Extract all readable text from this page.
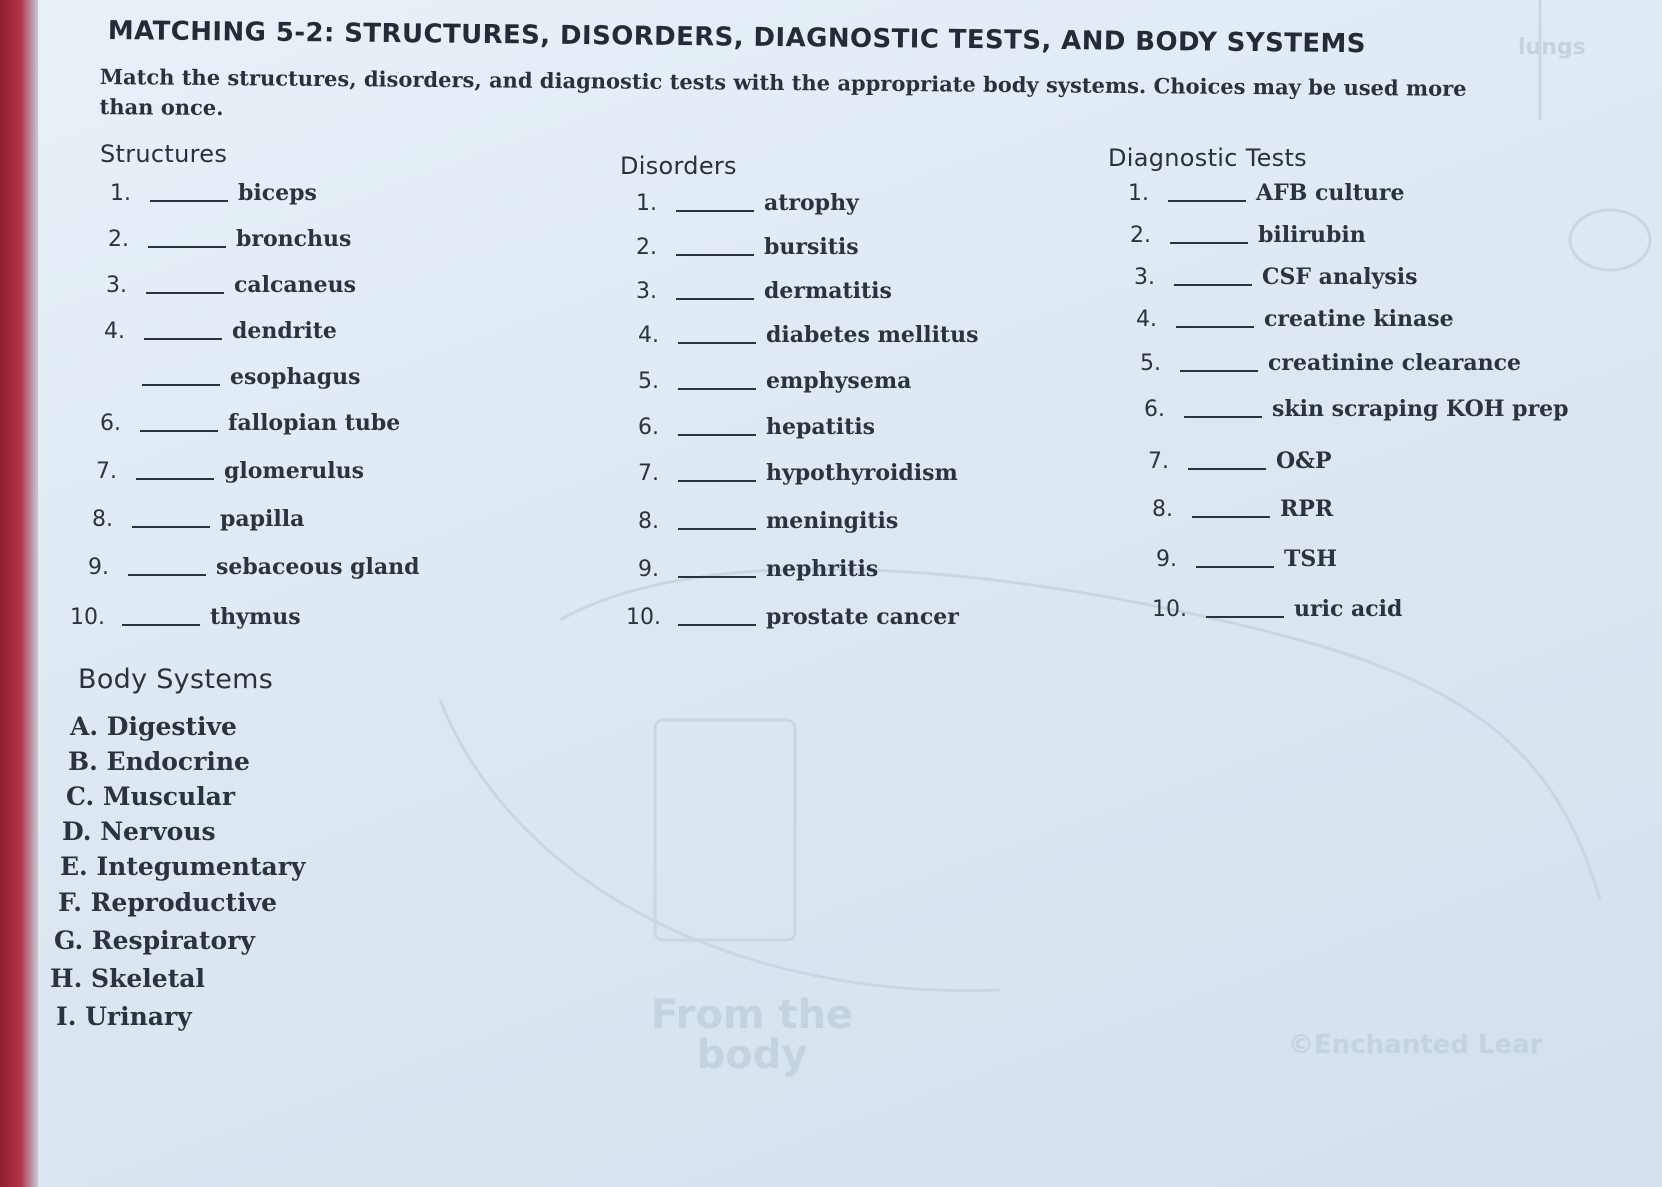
From the body	©Enchanted Lear
lungs
MATCHING 5-2: STRUCTURES, DISORDERS, DIAGNOSTIC TESTS, AND BODY SYSTEMS

Match the structures, disorders, and diagnostic tests with the appropriate body systems. Choices may be used more than once.

Structures	Disorders	Diagnostic Tests
1.	biceps
2.	bronchus
3.	calcaneus
4.	dendrite
esophagus
6.	fallopian tube
7.	glomerulus
8.	papilla
9.	sebaceous gland
10.	thymus
1.	atrophy
2.	bursitis
3.	dermatitis
4.	diabetes mellitus
5.	emphysema
6.	hepatitis
7.	hypothyroidism
8.	meningitis
9.	nephritis
10.	prostate cancer
1.	AFB culture
2.	bilirubin
3.	CSF analysis
4.	creatine kinase
5.	creatinine clearance
6.	skin scraping KOH prep
7.	O&P
8.	RPR
9.	TSH
10.	uric acid
Body Systems
A. Digestive
B. Endocrine
C. Muscular
D. Nervous
E. Integumentary
F. Reproductive
G. Respiratory
H. Skeletal
I. Urinary
